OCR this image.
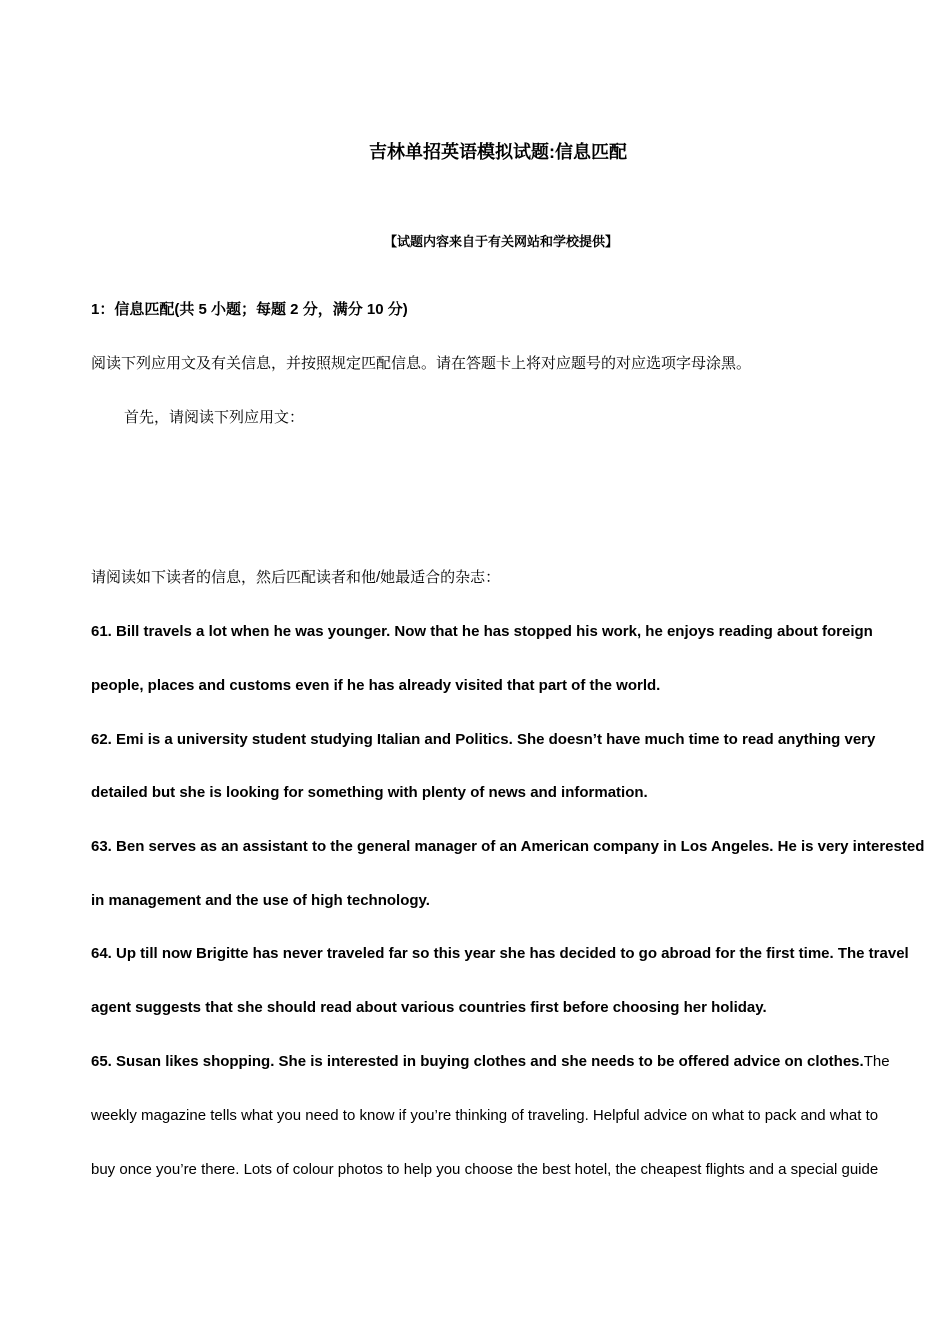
吉林单招英语模拟试题:信息匹配
【试题内容来自于有关网站和学校提供】
1：信息匹配(共 5 小题；每题 2 分，满分 10 分)
阅读下列应用文及有关信息，并按照规定匹配信息。请在答题卡上将对应题号的对应选项字母涂黑。
首先，请阅读下列应用文：
请阅读如下读者的信息，然后匹配读者和他/她最适合的杂志：
61. Bill travels a lot when he was younger. Now that he has stopped his work, he enjoys reading about foreign
people, places and customs even if he has already visited that part of the world.
62. Emi is a university student studying Italian and Politics. She doesn’t have much time to read anything very
detailed but she is looking for something with plenty of news and information.
63. Ben serves as an assistant to the general manager of an American company in Los Angeles. He is very interested
in management and the use of high technology.
64. Up till now Brigitte has never traveled far so this year she has decided to go abroad for the first time. The travel
agent suggests that she should read about various countries first before choosing her holiday.
65. Susan likes shopping. She is interested in buying clothes and she needs to be offered advice on clothes.The
weekly magazine tells what you need to know if you’re thinking of traveling. Helpful advice on what to pack and what to
buy once you’re there. Lots of colour photos to help you choose the best hotel, the cheapest flights and a special guide
